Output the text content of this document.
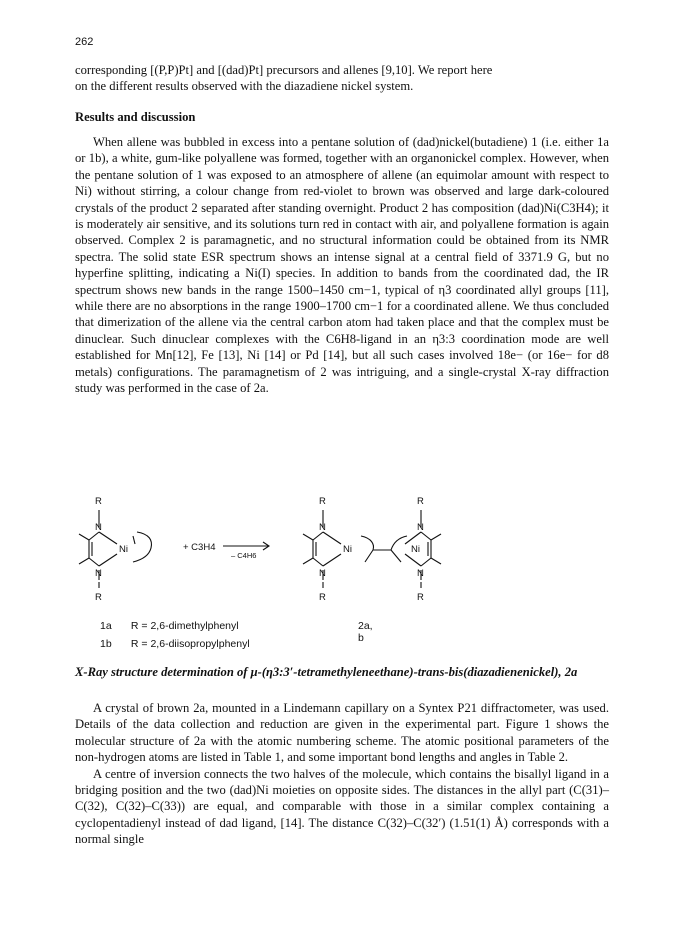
262

corresponding [(P,P)Pt] and [(dad)Pt] precursors and allenes [9,10]. We report here

on the different results observed with the diazadiene nickel system.

Results and discussion

When allene was bubbled in excess into a pentane solution of (dad)nickel(butadiene) 1 (i.e. either 1a or 1b), a white, gum-like polyallene was formed, together with an organonickel complex. However, when the pentane solution of 1 was exposed to an atmosphere of allene (an equimolar amount with respect to Ni) without stirring, a colour change from red-violet to brown was observed and large dark-coloured crystals of the product 2 separated after standing overnight. Product 2 has composition (dad)Ni(C3H4); it is moderately air sensitive, and its solutions turn red in contact with air, and polyallene formation is again observed. Complex 2 is paramagnetic, and no structural information could be obtained from its NMR spectra. The solid state ESR spectrum shows an intense signal at a central field of 3371.9 G, but no hyperfine splitting, indicating a Ni(I) species. In addition to bands from the coordinated dad, the IR spectrum shows new bands in the range 1500–1450 cm−1, typical of η3 coordinated allyl groups [11], while there are no absorptions in the range 1900–1700 cm−1 for a coordinated allene. We thus concluded that dimerization of the allene via the central carbon atom had taken place and that the complex must be dinuclear. Such dinuclear complexes with the C6H8-ligand in an η3:3 coordination mode are well established for Mn[12], Fe [13], Ni [14] or Pd [14], but all such cases involved 18e− (or 16e− for d8 metals) configurations. The paramagnetism of 2 was intriguing, and a single-crystal X-ray diffraction study was performed in the case of 2a.

R
N
Ni
N
R
+ C3H4
– C4H6
R
N
Ni
N
R
R
N
Ni
N
R
1a R = 2,6-dimethylphenyl	2a, b
1b R = 2,6-diisopropylphenyl
X-Ray structure determination of μ-(η3:3′-tetramethyleneethane)-trans-bis(diazadienenickel), 2a

A crystal of brown 2a, mounted in a Lindemann capillary on a Syntex P21 diffractometer, was used. Details of the data collection and reduction are given in the experimental part. Figure 1 shows the molecular structure of 2a with the atomic numbering scheme. The atomic positional parameters of the non-hydrogen atoms are listed in Table 1, and some important bond lengths and angles in Table 2.

A centre of inversion connects the two halves of the molecule, which contains the bisallyl ligand in a bridging position and the two (dad)Ni moieties on opposite sides. The distances in the allyl part (C(31)–C(32), C(32)–C(33)) are equal, and comparable with those in a similar complex containing a cyclopentadienyl instead of dad ligand, [14]. The distance C(32)–C(32′) (1.51(1) Å) corresponds with a normal single
